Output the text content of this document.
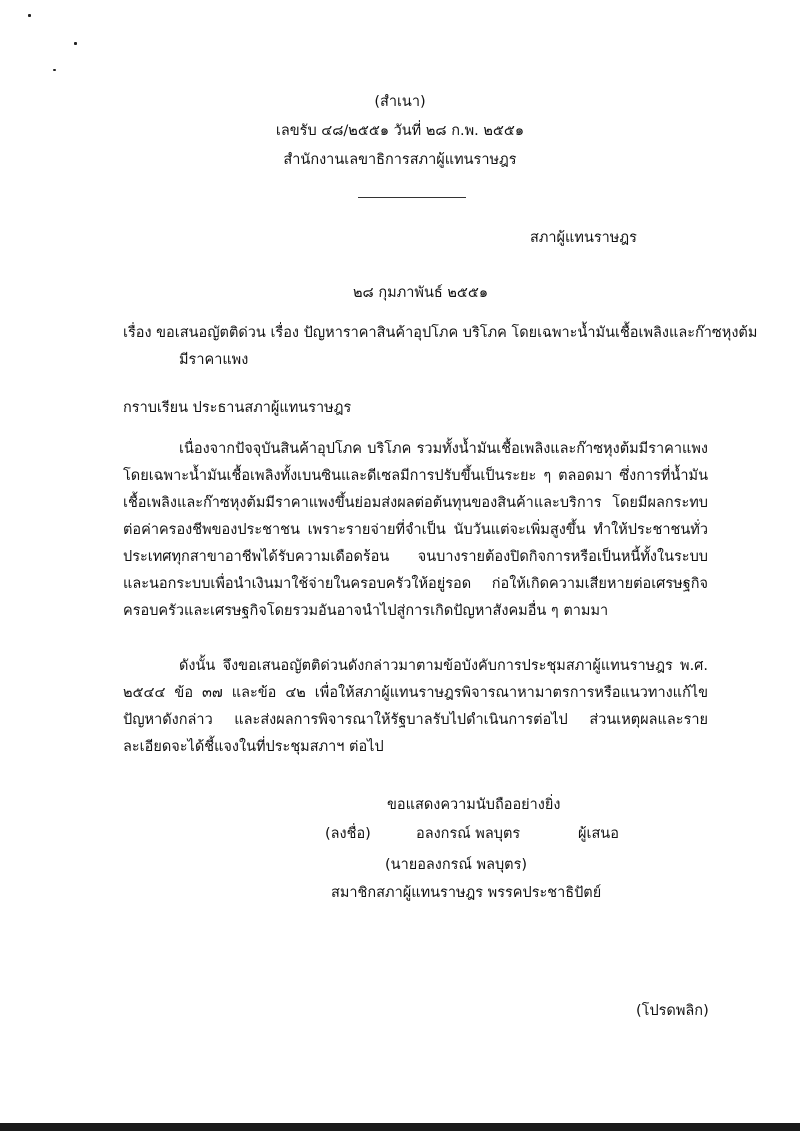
(สำเนา)
เลขรับ ๔๘/๒๕๕๑ วันที่ ๒๘ ก.พ. ๒๕๕๑
สำนักงานเลขาธิการสภาผู้แทนราษฎร
สภาผู้แทนราษฎร
๒๘ กุมภาพันธ์ ๒๕๕๑
เรื่อง ขอเสนอญัตติด่วน เรื่อง ปัญหาราคาสินค้าอุปโภค บริโภค โดยเฉพาะน้ำมันเชื้อเพลิงและก๊าซหุงต้ม
มีราคาแพง
กราบเรียน ประธานสภาผู้แทนราษฎร
เนื่องจากปัจจุบันสินค้าอุปโภค บริโภค รวมทั้งน้ำมันเชื้อเพลิงและก๊าซหุงต้มมีราคาแพง โดยเฉพาะน้ำมันเชื้อเพลิงทั้งเบนซินและดีเซลมีการปรับขึ้นเป็นระยะ ๆ ตลอดมา ซึ่งการที่น้ำมันเชื้อเพลิงและก๊าซหุงต้มมีราคาแพงขึ้นย่อมส่งผลต่อต้นทุนของสินค้าและบริการ โดยมีผลกระทบต่อค่าครองชีพของประชาชน เพราะรายจ่ายที่จำเป็น นับวันแต่จะเพิ่มสูงขึ้น ทำให้ประชาชนทั่วประเทศทุกสาขาอาชีพได้รับความเดือดร้อน จนบางรายต้องปิดกิจการหรือเป็นหนี้ทั้งในระบบและนอกระบบเพื่อนำเงินมาใช้จ่ายในครอบครัวให้อยู่รอด ก่อให้เกิดความเสียหายต่อเศรษฐกิจครอบครัวและเศรษฐกิจโดยรวมอันอาจนำไปสู่การเกิดปัญหาสังคมอื่น ๆ ตามมา
ดังนั้น จึงขอเสนอญัตติด่วนดังกล่าวมาตามข้อบังคับการประชุมสภาผู้แทนราษฎร พ.ศ. ๒๕๔๔ ข้อ ๓๗ และข้อ ๔๒ เพื่อให้สภาผู้แทนราษฎรพิจารณาหามาตรการหรือแนวทางแก้ไขปัญหาดังกล่าว และส่งผลการพิจารณาให้รัฐบาลรับไปดำเนินการต่อไป ส่วนเหตุผลและรายละเอียดจะได้ชี้แจงในที่ประชุมสภาฯ ต่อไป
ขอแสดงความนับถืออย่างยิ่ง
(ลงชื่อ)	อลงกรณ์ พลบุตร	ผู้เสนอ
(นายอลงกรณ์ พลบุตร)
สมาชิกสภาผู้แทนราษฎร พรรคประชาธิปัตย์
(โปรดพลิก)
